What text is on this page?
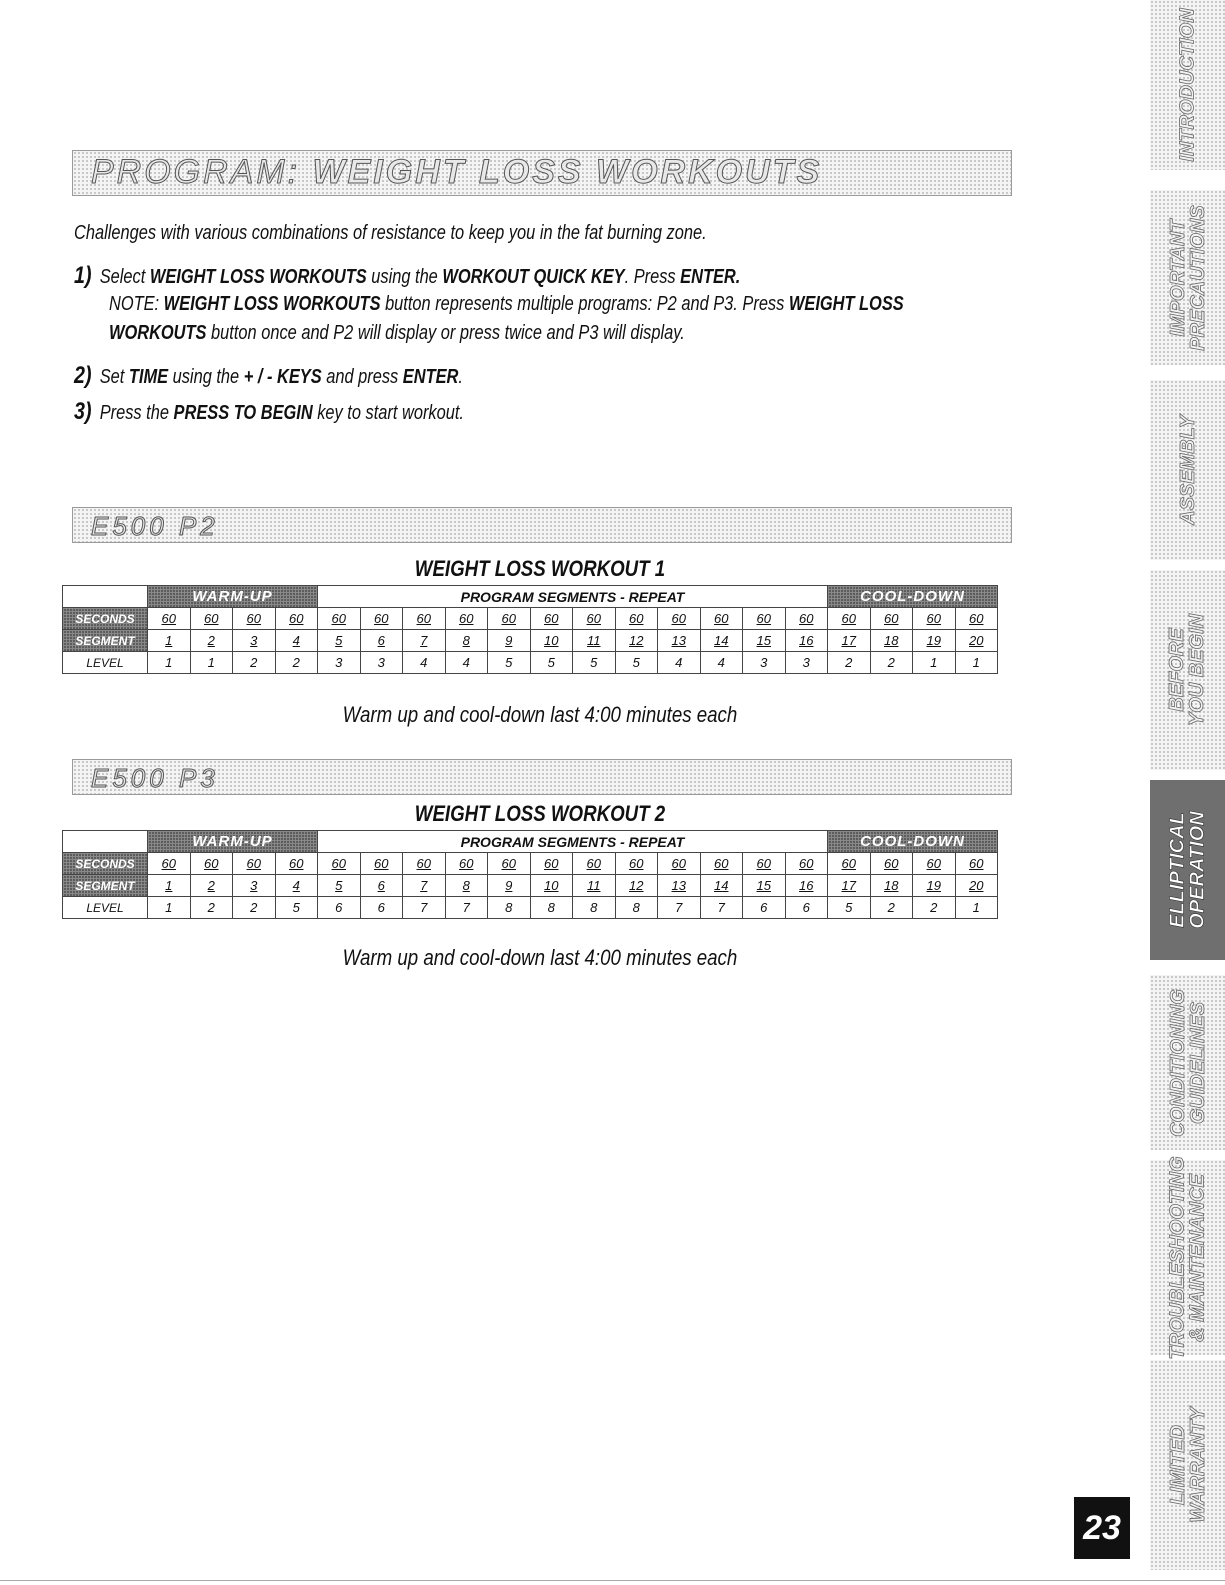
PROGRAM: WEIGHT LOSS WORKOUTS
Challenges with various combinations of resistance to keep you in the fat burning zone.
1) Select WEIGHT LOSS WORKOUTS using the WORKOUT QUICK KEY. Press ENTER.
NOTE: WEIGHT LOSS WORKOUTS button represents multiple programs: P2 and P3. Press WEIGHT LOSS
WORKOUTS button once and P2 will display or press twice and P3 will display.
2) Set TIME using the + / - KEYS and press ENTER.
3) Press the PRESS TO BEGIN key to start workout.
E500 P2
WEIGHT LOSS WORKOUT 1
	WARM-UP				PROGRAM SEGMENTS - REPEAT												COOL-DOWN			
SECONDS	60	60	60	60	60	60	60	60	60	60	60	60	60	60	60	60	60	60	60	60
SEGMENT	1	2	3	4	5	6	7	8	9	10	11	12	13	14	15	16	17	18	19	20
LEVEL	1	1	2	2	3	3	4	4	5	5	5	5	4	4	3	3	2	2	1	1
Warm up and cool-down last 4:00 minutes each
E500 P3
WEIGHT LOSS WORKOUT 2
	WARM-UP				PROGRAM SEGMENTS - REPEAT												COOL-DOWN			
SECONDS	60	60	60	60	60	60	60	60	60	60	60	60	60	60	60	60	60	60	60	60
SEGMENT	1	2	3	4	5	6	7	8	9	10	11	12	13	14	15	16	17	18	19	20
LEVEL	1	2	2	5	6	6	7	7	8	8	8	8	7	7	6	6	5	2	2	1
Warm up and cool-down last 4:00 minutes each
INTRODUCTION
IMPORTANT
PRECAUTIONS
ASSEMBLY
BEFORE
YOU BEGIN
ELLIPTICAL
OPERATION
CONDITIONING
GUIDELINES
TROUBLESHOOTING
& MAINTENANCE
LIMITED
WARRANTY
23
